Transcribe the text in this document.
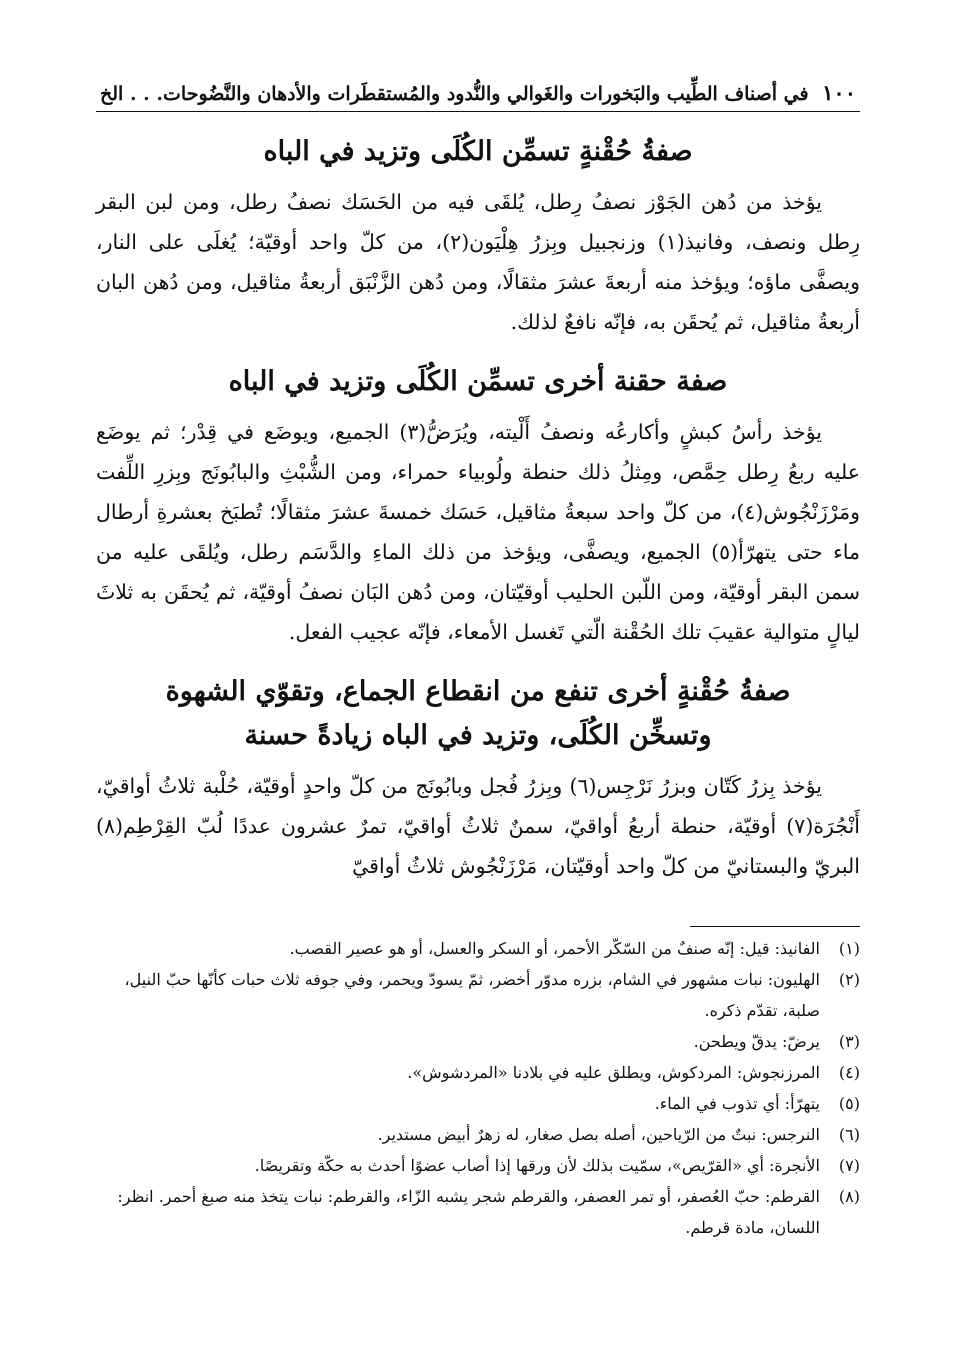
١٠٠
في أصناف الطِّيب والبَخورات والغَوالي والنُّدود والمُستقطَرات والأدهان والنَّضُوحات. . . الخ
صفةُ حُقْنةٍ تسمِّن الكُلَى وتزيد في الباه

يؤخذ من دُهن الجَوْز نصفُ رِطل، يُلقَى فيه من الحَسَك نصفُ رطل، ومن لبن البقر رِطل ونصف، وفانيذ(١) وزنجبيل وبِزرُ هِلْيَون(٢)، من كلّ واحد أوقيّة؛ يُغلَى على النار، ويصفَّى ماؤه؛ ويؤخذ منه أربعةَ عشرَ مثقالًا، ومن دُهن الزَّنْبَق أربعةُ مثاقيل، ومن دُهن البان أربعةُ مثاقيل، ثم يُحقَن به، فإنّه نافعٌ لذلك.

صفة حقنة أخرى تسمِّن الكُلَى وتزيد في الباه

يؤخذ رأسُ كبشٍ وأكارعُه ونصفُ أَلْيته، ويُرَضُّ(٣) الجميع، ويوضَع في قِدْر؛ ثم يوضَع عليه ربعُ رِطل حِمَّص، ومِثلُ ذلك حنطة ولُوبياء حمراء، ومن الشُّبْثِ والبابُونَج وبِزرِ اللِّفت ومَرْزَنْجُوش(٤)، من كلّ واحد سبعةُ مثاقيل، حَسَك خمسةَ عشرَ مثقالًا؛ تُطبَخ بعشرةِ أرطال ماء حتى يتهرّأ(٥) الجميع، ويصفَّى، ويؤخذ من ذلك الماءِ والدَّسَم رطل، ويُلقَى عليه من سمن البقر أوقيّة، ومن اللّبن الحليب أوقيّتان، ومن دُهن البَان نصفُ أوقيّة، ثم يُحقَن به ثلاثَ ليالٍ متوالية عقيبَ تلك الحُقْنة الّتي تَغسل الأمعاء، فإنّه عجيب الفعل.

صفةُ حُقْنةٍ أخرى تنفع من انقطاع الجماع، وتقوّي الشهوة
وتسخِّن الكُلَى، وتزيد في الباه زيادةً حسنة

يؤخذ بِزرُ كَتّان وبزرُ نَرْجِس(٦) وبِزرُ فُجل وبابُونَج من كلّ واحدٍ أوقيّة، حُلْبة ثلاثُ أواقيّ، أَنْجُرَة(٧) أوقيّة، حنطة أربعُ أواقيّ، سمنٌ ثلاثُ أواقيّ، تمرٌ عشرون عددًا لُبّ القِرْطِم(٨) البريّ والبستانيّ من كلّ واحد أوقيّتان، مَرْزَنْجُوش ثلاثُ أواقيّ

(١)
الفانيذ: قيل: إنّه صنفٌ من السّكّر الأحمر، أو السكر والعسل، أو هو عصير القصب.
(٢)
الهليون: نبات مشهور في الشام، بزره مدوّر أخضر، ثمّ يسودّ ويحمر، وفي جوفه ثلاث حبات كأنّها حبّ النيل، صلبة، تقدّم ذكره.
(٣)
يرضّ: يدقّ ويطحن.
(٤)
المرزنجوش: المردكوش، ويطلق عليه في بلادنا «المردشوش».
(٥)
يتهرّأ: أي تذوب في الماء.
(٦)
النرجس: نبتٌ من الرّياحين، أصله بصل صغار، له زهرٌ أبيض مستدير.
(٧)
الأنجرة: أي «القرّيص»، سمّيت بذلك لأن ورقها إذا أصاب عضوًا أحدث به حكّة وتقريصًا.
(٨)
القرطم: حبّ العُصفر، أو تمر العصفر، والقرطم شجر يشبه الزّاء، والقرطم: نبات يتخذ منه صبغ أحمر. انظر: اللسان، مادة قرطم.
